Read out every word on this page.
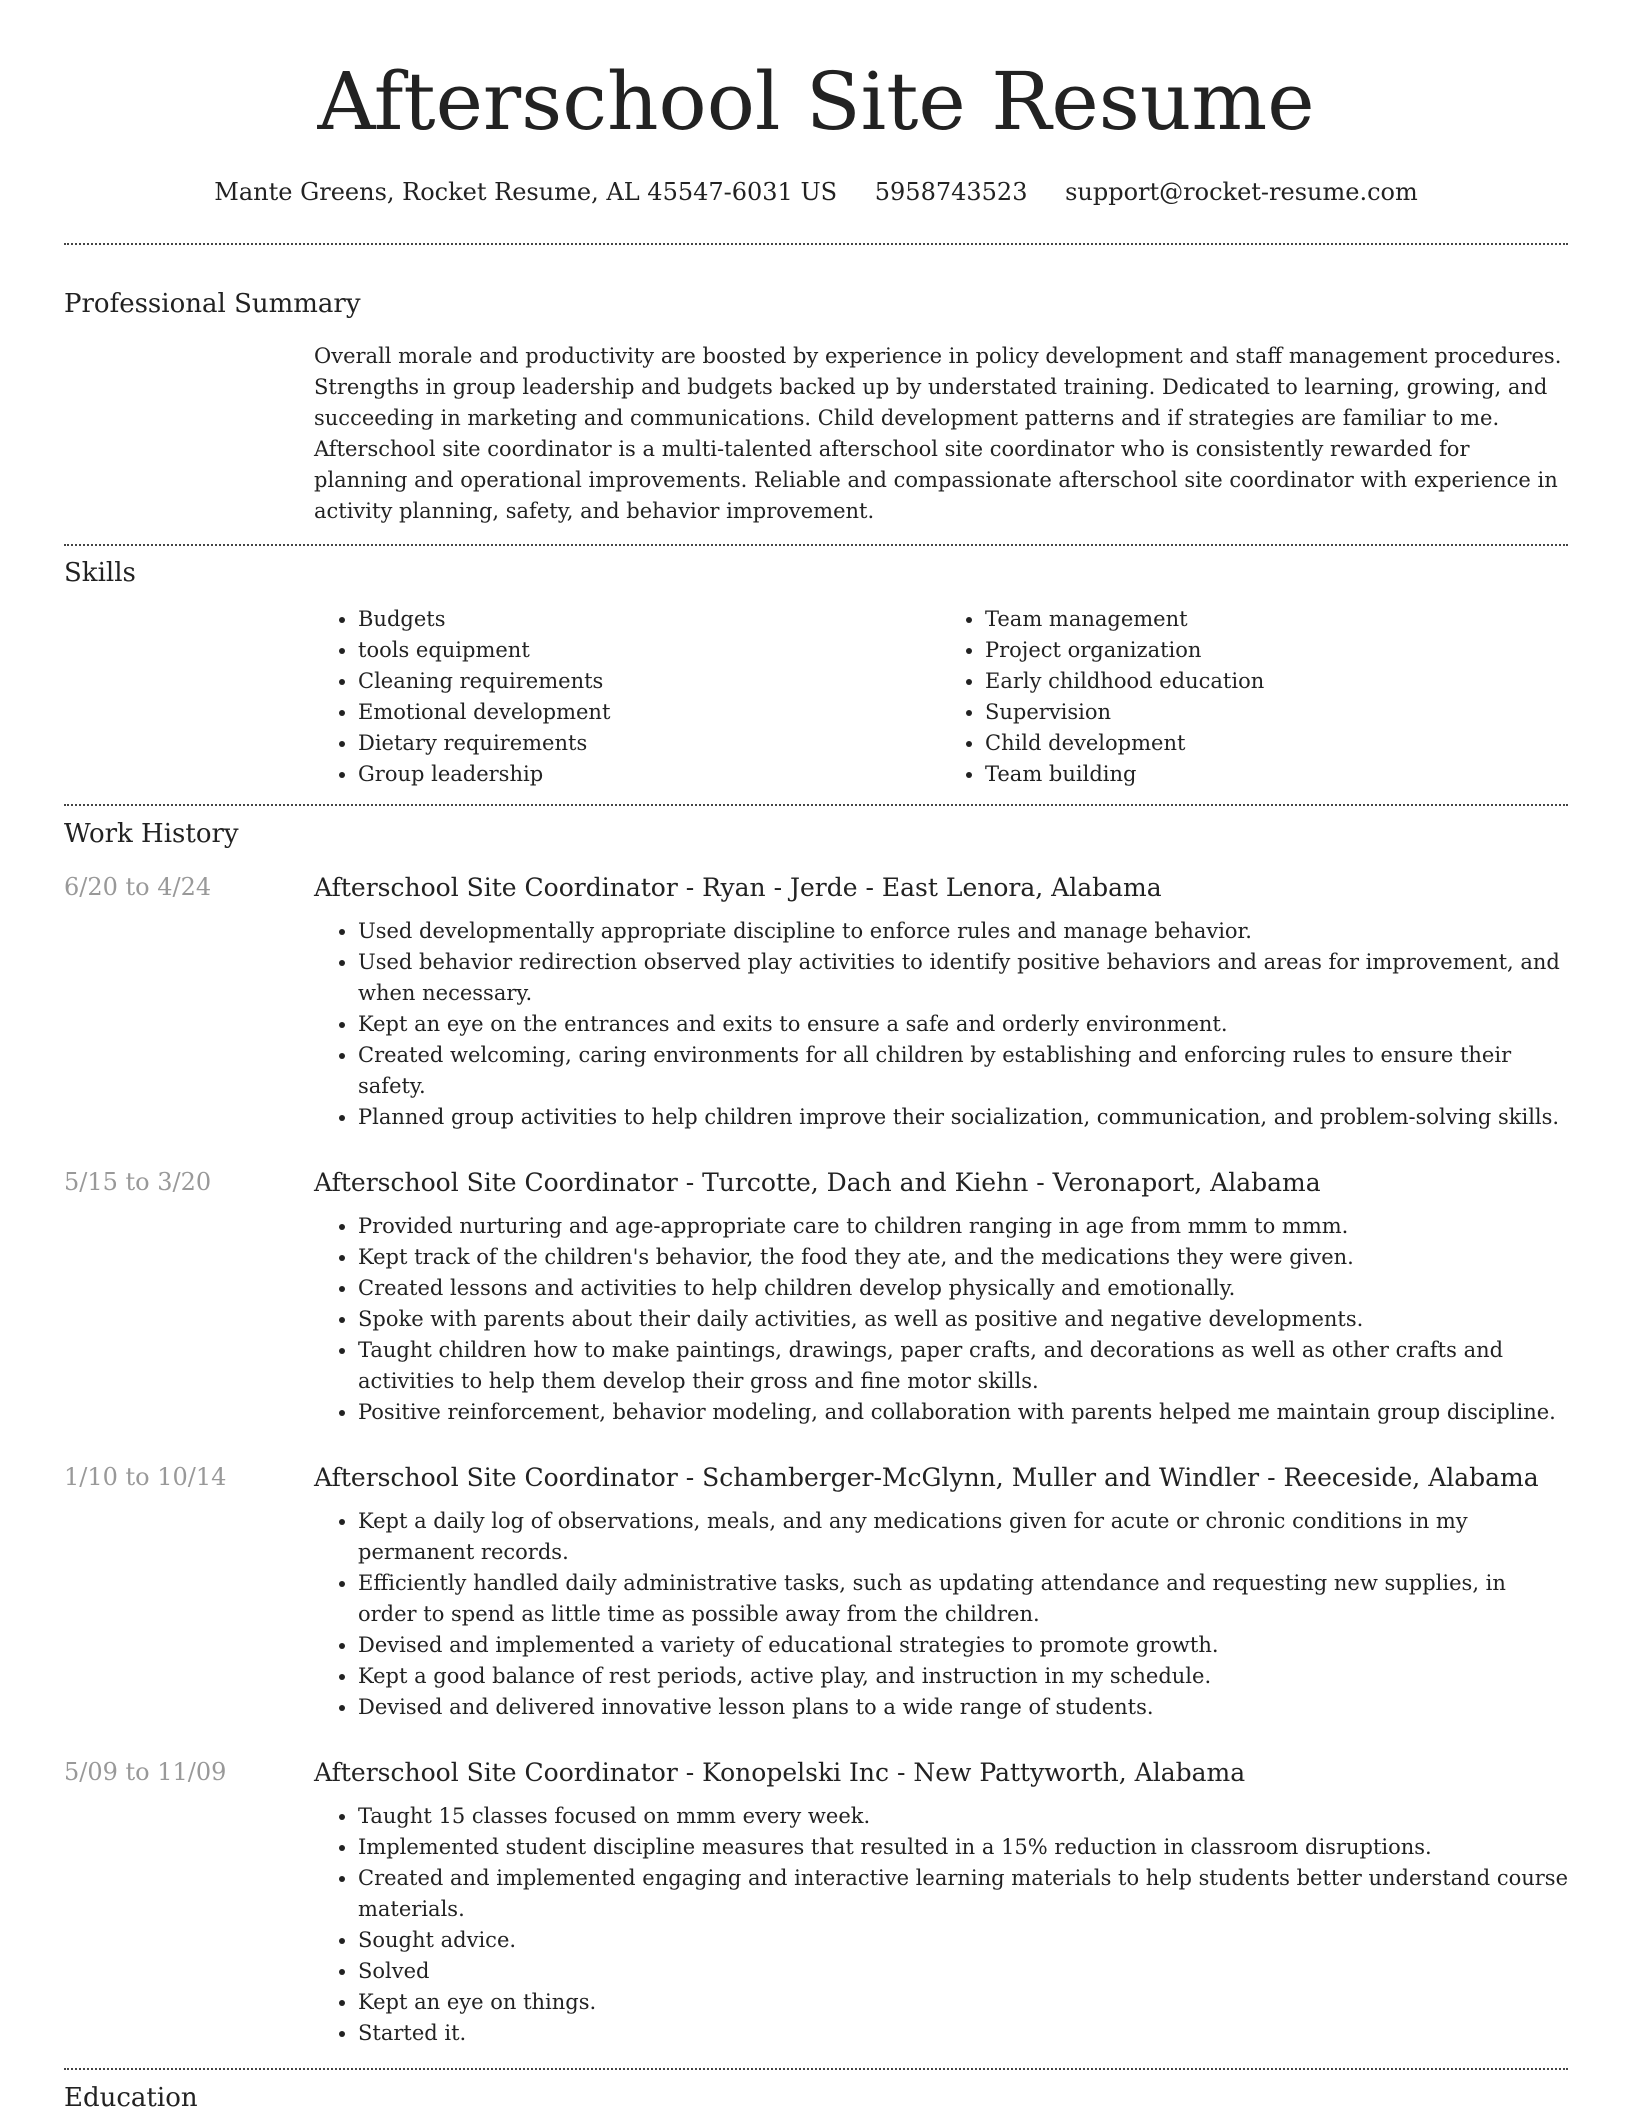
Afterschool Site Resume
Mante Greens, Rocket Resume, AL 45547-6031 US 5958743523 support@rocket-resume.com
Professional Summary

Overall morale and productivity are boosted by experience in policy development and staff management procedures. Strengths in group leadership and budgets backed up by understated training. Dedicated to learning, growing, and succeeding in marketing and communications. Child development patterns and if strategies are familiar to me. Afterschool site coordinator is a multi-talented afterschool site coordinator who is consistently rewarded for planning and operational improvements. Reliable and compassionate afterschool site coordinator with experience in activity planning, safety, and behavior improvement.

Skills
• Budgets
• tools equipment
• Cleaning requirements
• Emotional development
• Dietary requirements
• Group leadership
• Team management
• Project organization
• Early childhood education
• Supervision
• Child development
• Team building
Work History
6/20 to 4/24	Afterschool Site Coordinator - Ryan - Jerde - East Lenora, Alabama
• Used developmentally appropriate discipline to enforce rules and manage behavior.
• Used behavior redirection observed play activities to identify positive behaviors and areas for improvement, and when necessary.
• Kept an eye on the entrances and exits to ensure a safe and orderly environment.
• Created welcoming, caring environments for all children by establishing and enforcing rules to ensure their safety.
• Planned group activities to help children improve their socialization, communication, and problem-solving skills.
5/15 to 3/20	Afterschool Site Coordinator - Turcotte, Dach and Kiehn - Veronaport, Alabama
• Provided nurturing and age-appropriate care to children ranging in age from mmm to mmm.
• Kept track of the children's behavior, the food they ate, and the medications they were given.
• Created lessons and activities to help children develop physically and emotionally.
• Spoke with parents about their daily activities, as well as positive and negative developments.
• Taught children how to make paintings, drawings, paper crafts, and decorations as well as other crafts and activities to help them develop their gross and fine motor skills.
• Positive reinforcement, behavior modeling, and collaboration with parents helped me maintain group discipline.
1/10 to 10/14	Afterschool Site Coordinator - Schamberger-McGlynn, Muller and Windler - Reeceside, Alabama
• Kept a daily log of observations, meals, and any medications given for acute or chronic conditions in my permanent records.
• Efficiently handled daily administrative tasks, such as updating attendance and requesting new supplies, in order to spend as little time as possible away from the children.
• Devised and implemented a variety of educational strategies to promote growth.
• Kept a good balance of rest periods, active play, and instruction in my schedule.
• Devised and delivered innovative lesson plans to a wide range of students.
5/09 to 11/09	Afterschool Site Coordinator - Konopelski Inc - New Pattyworth, Alabama
• Taught 15 classes focused on mmm every week.
• Implemented student discipline measures that resulted in a 15% reduction in classroom disruptions.
• Created and implemented engaging and interactive learning materials to help students better understand course materials.
• Sought advice.
• Solved
• Kept an eye on things.
• Started it.
Education
